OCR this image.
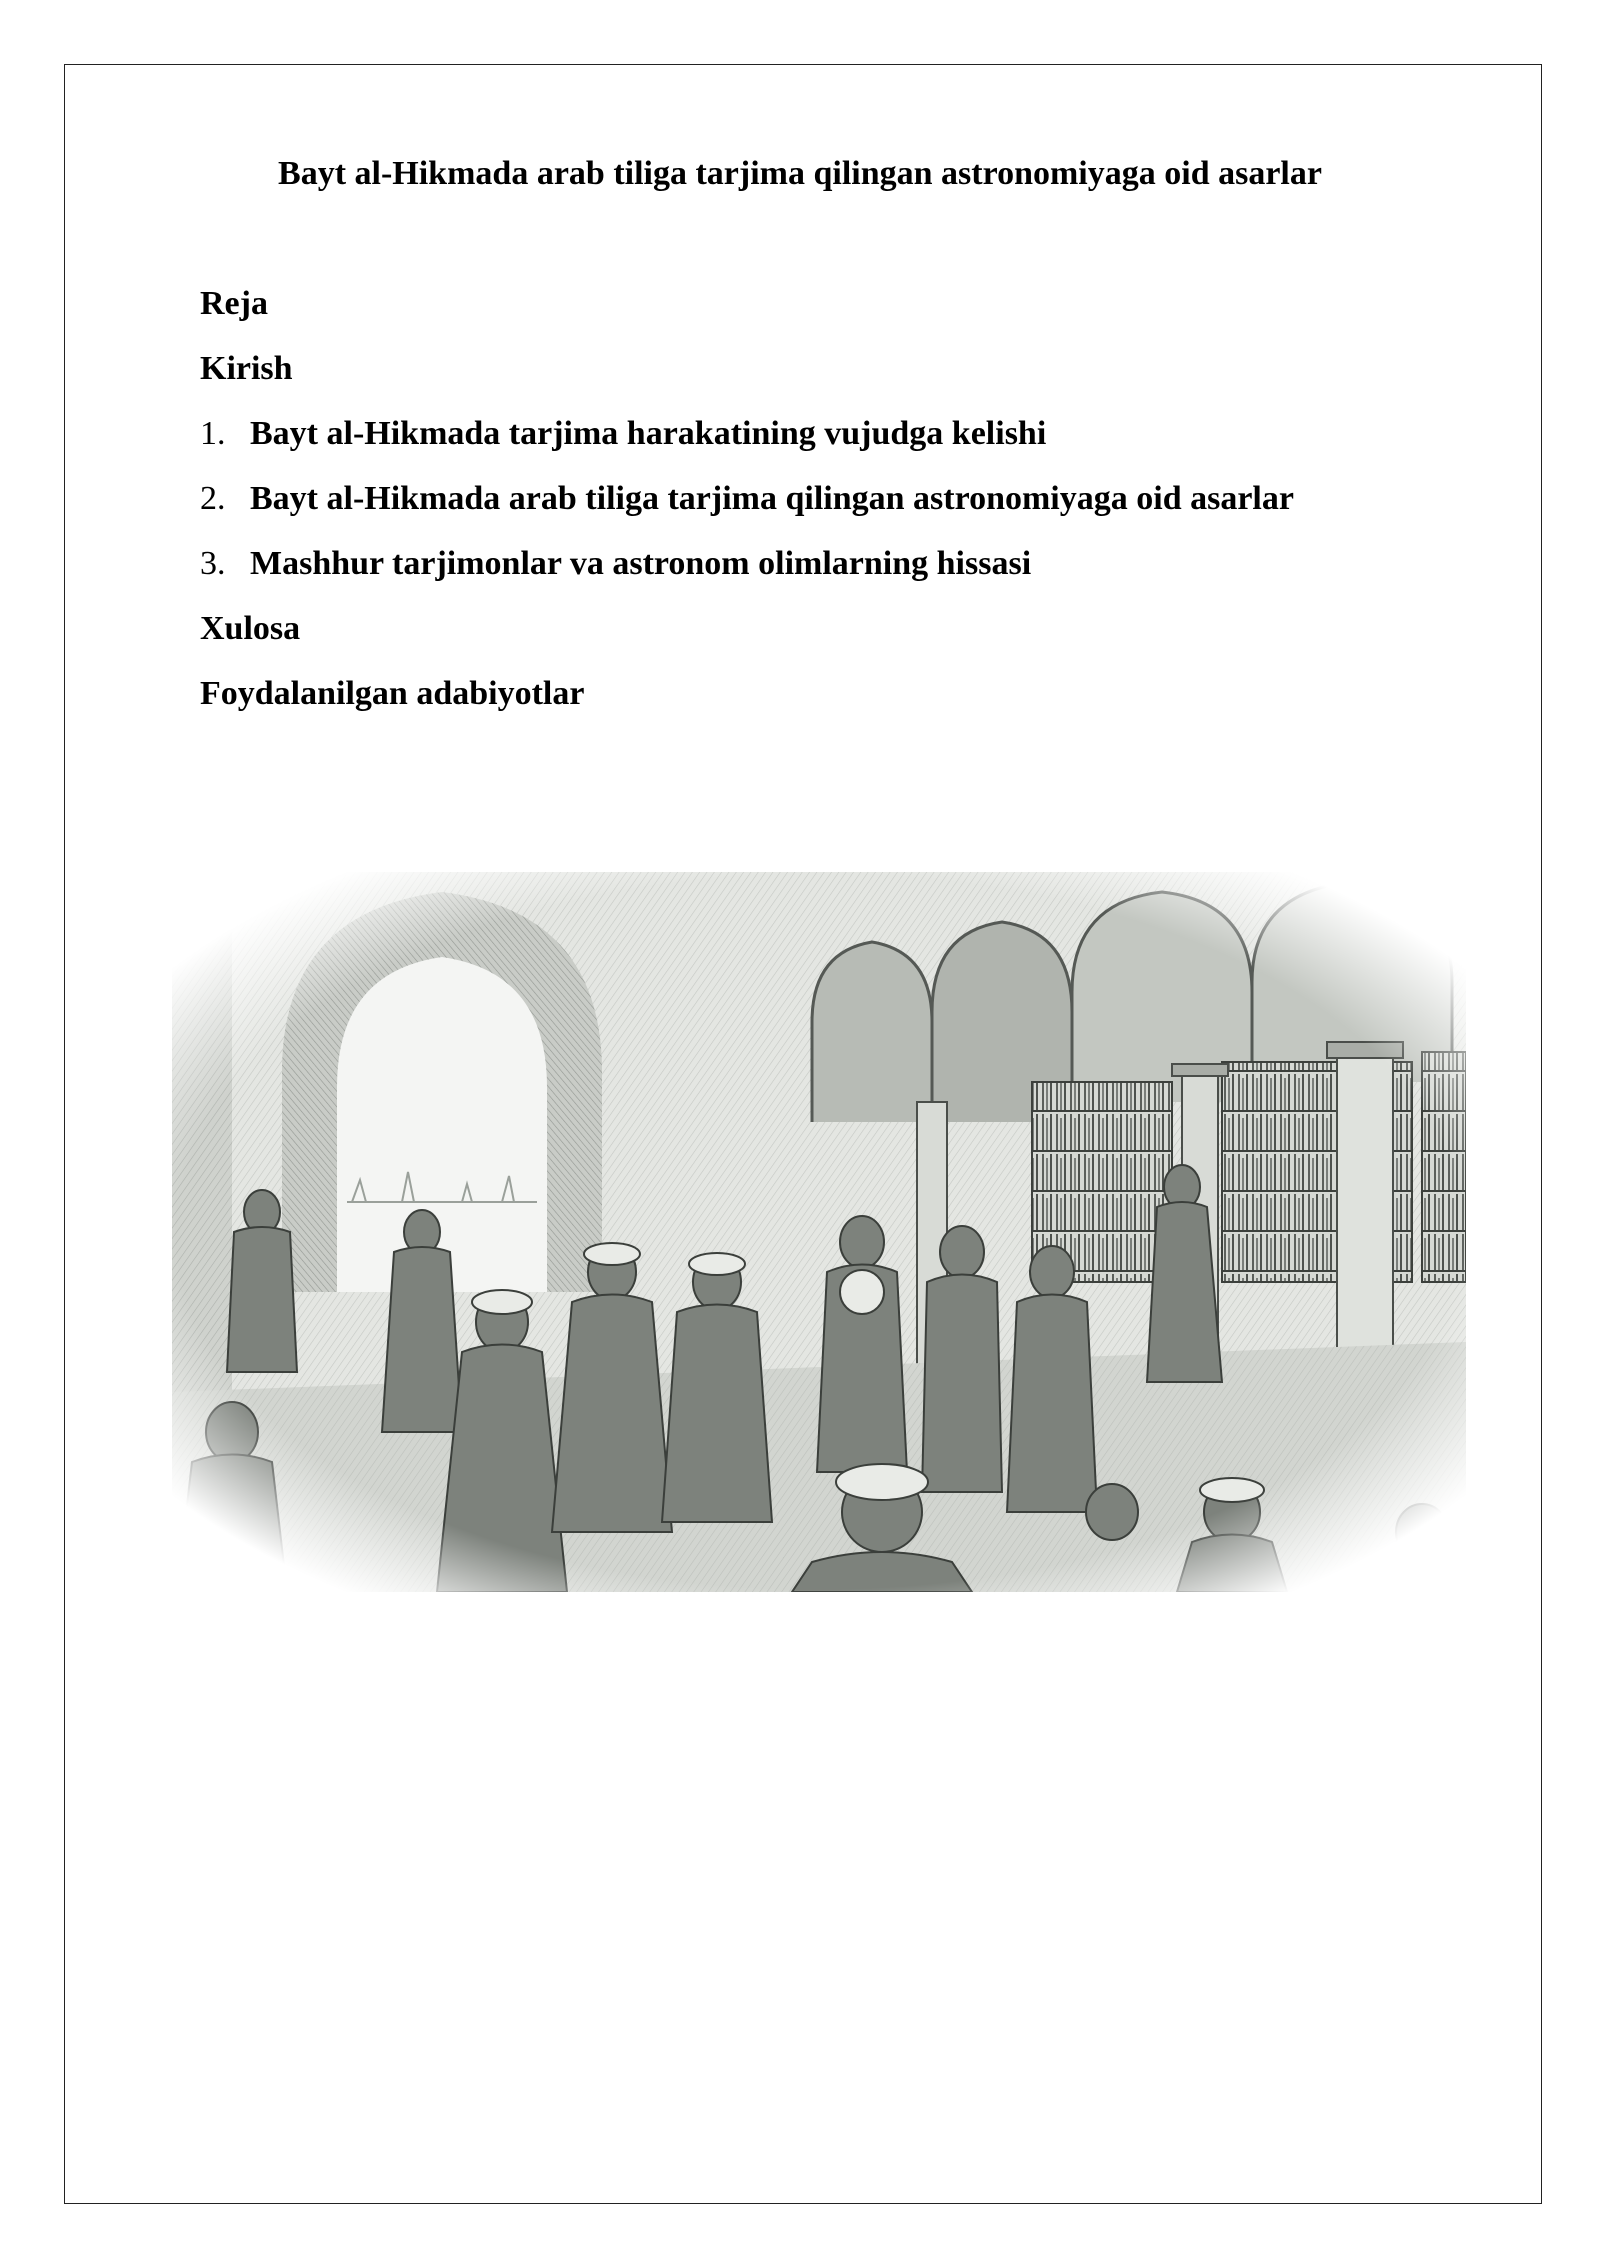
Bayt al-Hikmada arab tiliga tarjima qilingan astronomiyaga oid asarlar
Reja
Kirish
1. Bayt al-Hikmada tarjima harakatining vujudga kelishi
2. Bayt al-Hikmada arab tiliga tarjima qilingan astronomiyaga oid asarlar
3. Mashhur tarjimonlar va astronom olimlarning hissasi
Xulosa
Foydalanilgan adabiyotlar
